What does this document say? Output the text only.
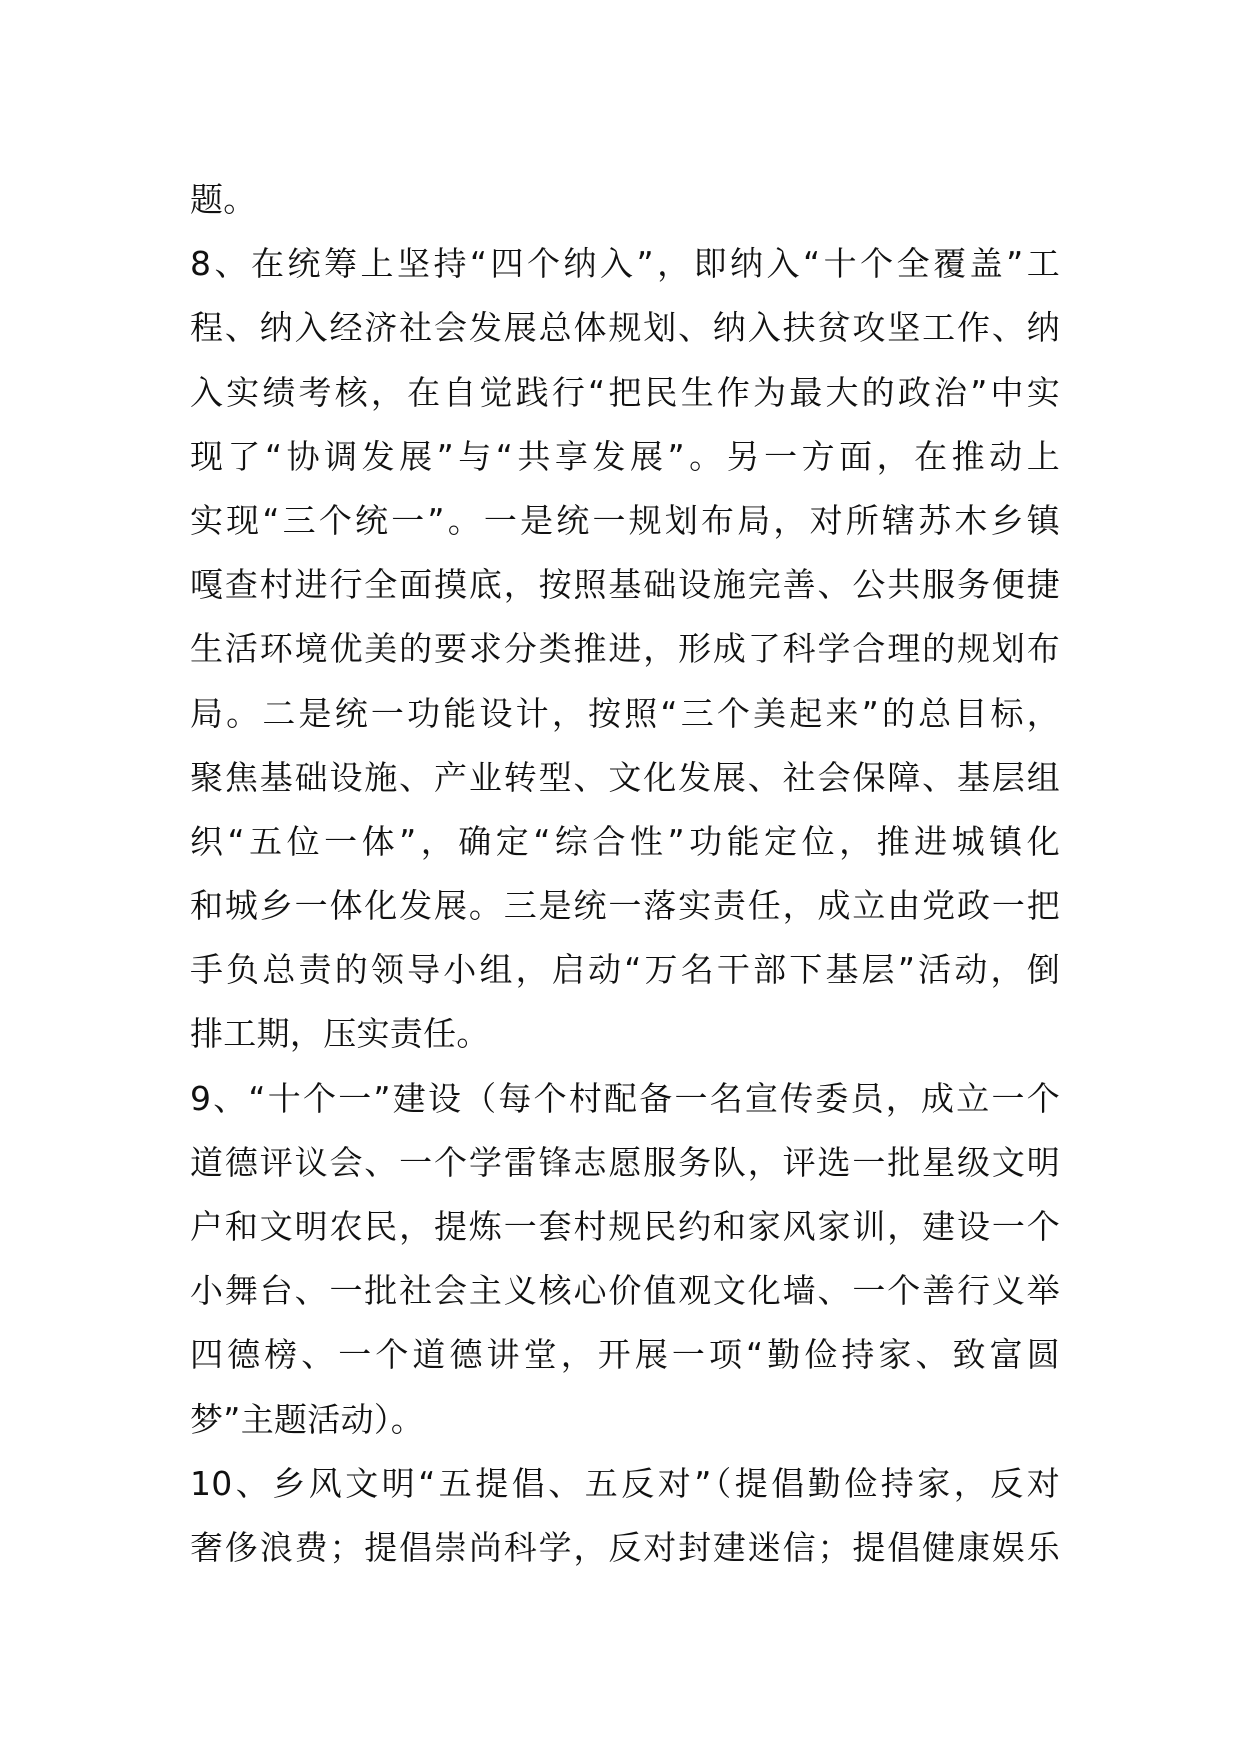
题。
8、在统筹上坚持“四个纳入”，即纳入“十个全覆盖”工
程、纳入经济社会发展总体规划、纳入扶贫攻坚工作、纳
入实绩考核，在自觉践行“把民生作为最大的政治”中实
现了“协调发展”与“共享发展”。另一方面，在推动上
实现“三个统一”。一是统一规划布局，对所辖苏木乡镇
嘎查村进行全面摸底，按照基础设施完善、公共服务便捷
生活环境优美的要求分类推进，形成了科学合理的规划布
局。二是统一功能设计，按照“三个美起来”的总目标，
聚焦基础设施、产业转型、文化发展、社会保障、基层组
织“五位一体”，确定“综合性”功能定位，推进城镇化
和城乡一体化发展。三是统一落实责任，成立由党政一把
手负总责的领导小组，启动“万名干部下基层”活动，倒
排工期，压实责任。
9、“十个一”建设（每个村配备一名宣传委员，成立一个
道德评议会、一个学雷锋志愿服务队，评选一批星级文明
户和文明农民，提炼一套村规民约和家风家训，建设一个
小舞台、一批社会主义核心价值观文化墙、一个善行义举
四德榜、一个道德讲堂，开展一项“勤俭持家、致富圆
梦”主题活动）。
10、乡风文明“五提倡、五反对”（提倡勤俭持家，反对
奢侈浪费；提倡崇尚科学，反对封建迷信；提倡健康娱乐
